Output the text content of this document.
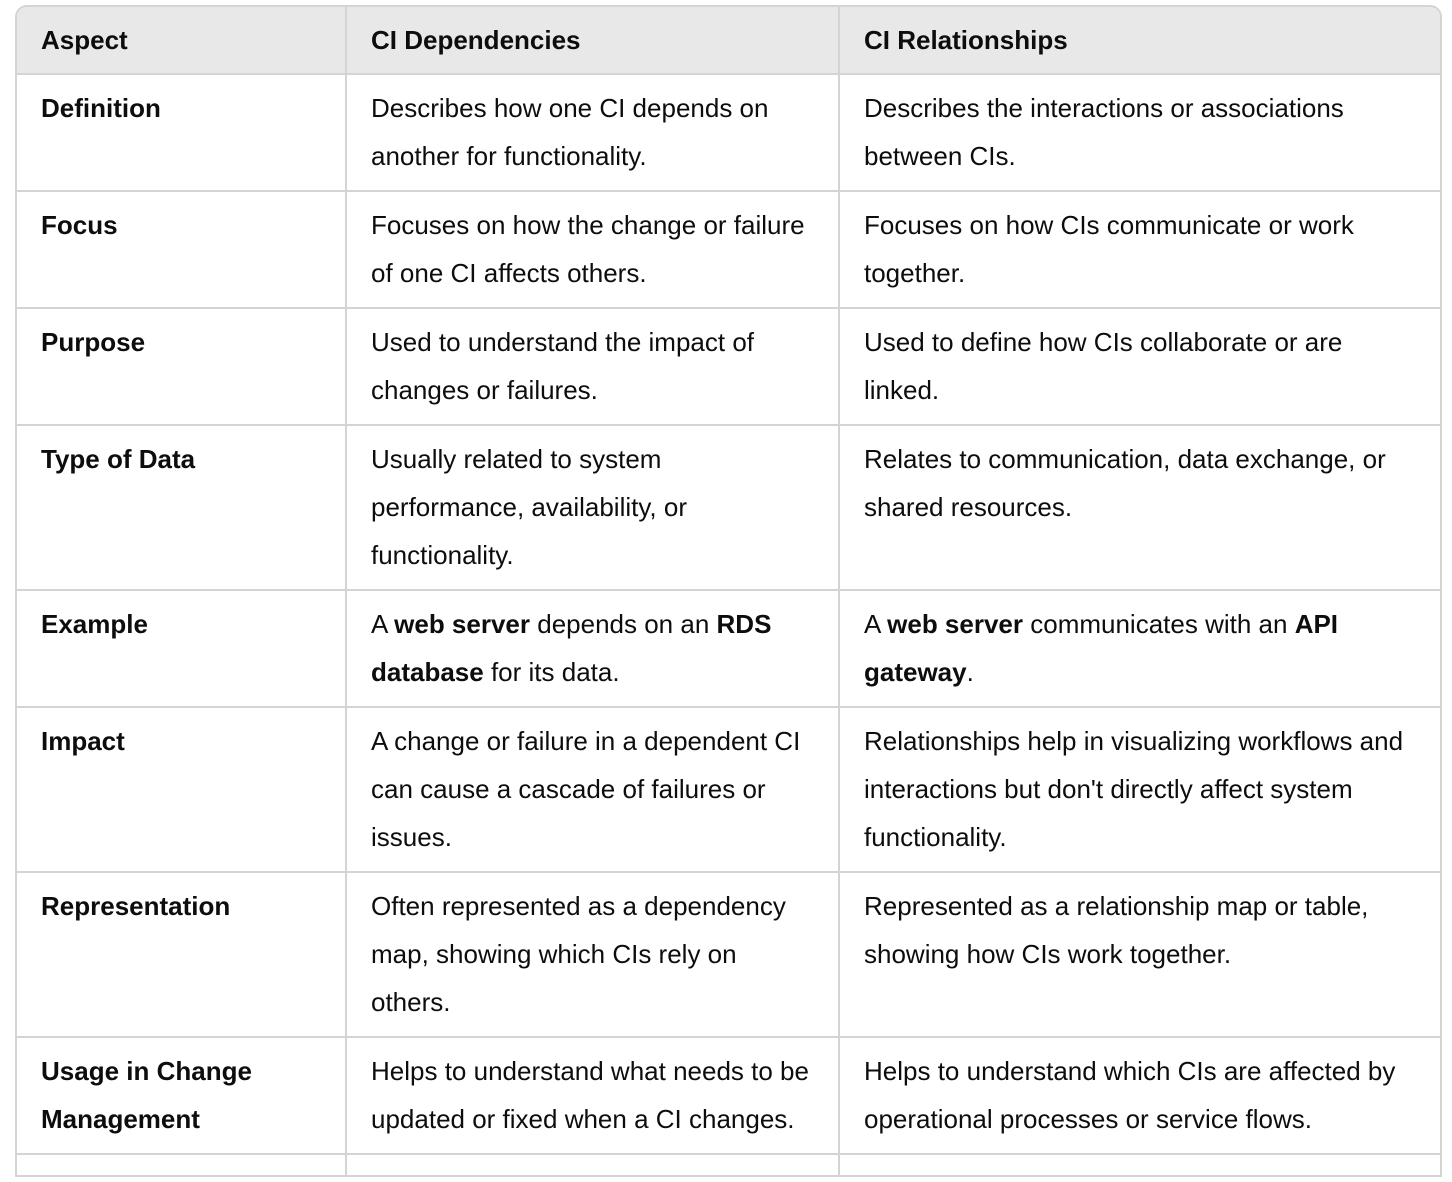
Aspect	CI Dependencies	CI Relationships
Definition	Describes how one CI depends on another for functionality.	Describes the interactions or associations between CIs.
Focus	Focuses on how the change or failure of one CI affects others.	Focuses on how CIs communicate or work together.
Purpose	Used to understand the impact of changes or failures.	Used to define how CIs collaborate or are linked.
Type of Data	Usually related to system performance, availability, or functionality.	Relates to communication, data exchange, or shared resources.
Example	A web server depends on an RDS database for its data.	A web server communicates with an API gateway.
Impact	A change or failure in a dependent CI can cause a cascade of failures or issues.	Relationships help in visualizing workflows and interactions but don't directly affect system functionality.
Representation	Often represented as a dependency map, showing which CIs rely on others.	Represented as a relationship map or table, showing how CIs work together.
Usage in Change Management	Helps to understand what needs to be updated or fixed when a CI changes.	Helps to understand which CIs are affected by operational processes or service flows.
